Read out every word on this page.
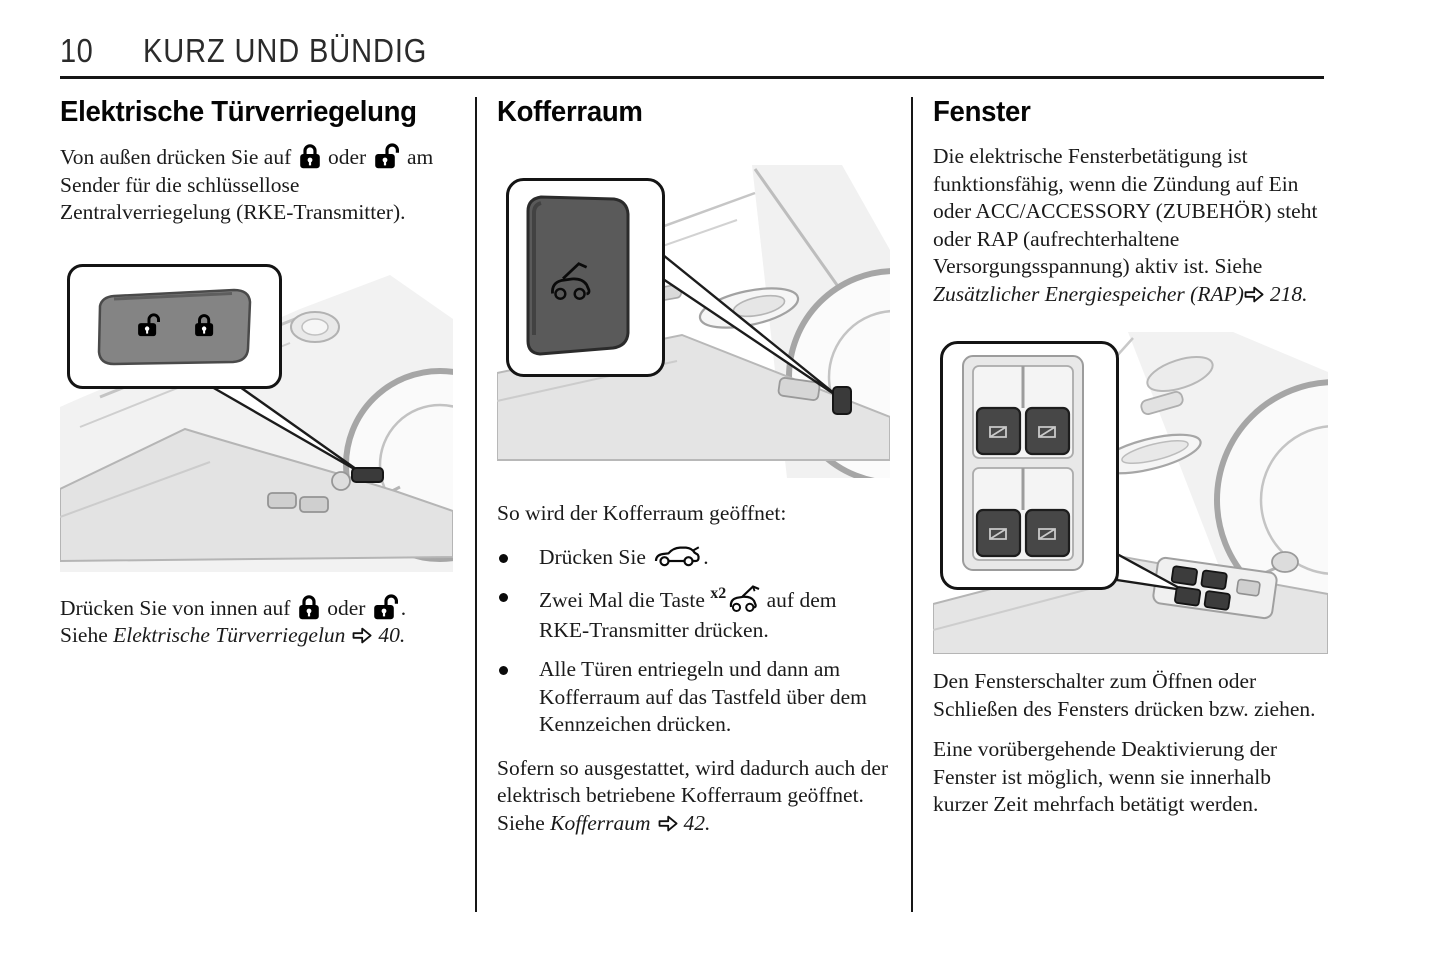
10 KURZ UND BÜNDIG
Elektrische Türverriegelung

Von außen drücken Sie auf  oder  am Sender für die schlüssellose Zentralverriegelung (RKE-Transmitter).

Drücken Sie von innen auf  oder . Siehe Elektrische Türverriegelun 40.

Kofferraum

So wird der Kofferraum geöffnet:

Drücken Sie .
Zwei Mal die Taste x2 auf dem RKE-Transmitter drücken.
Alle Türen entriegeln und dann am Kofferraum auf das Tastfeld über dem Kennzeichen drücken.

Sofern so ausgestattet, wird dadurch auch der elektrisch betriebene Kofferraum geöffnet. Siehe Kofferraum 42.

Fenster

Die elektrische Fensterbetätigung ist funktionsfähig, wenn die Zündung auf Ein oder ACC/ACCESSORY (ZUBEHÖR) steht oder RAP (aufrechterhaltene Versorgungsspannung) aktiv ist. Siehe Zusätzlicher Energiespeicher (RAP) 218.

Den Fensterschalter zum Öffnen oder Schließen des Fensters drücken bzw. ziehen.

Eine vorübergehende Deaktivierung der Fenster ist möglich, wenn sie innerhalb kurzer Zeit mehrfach betätigt werden.
